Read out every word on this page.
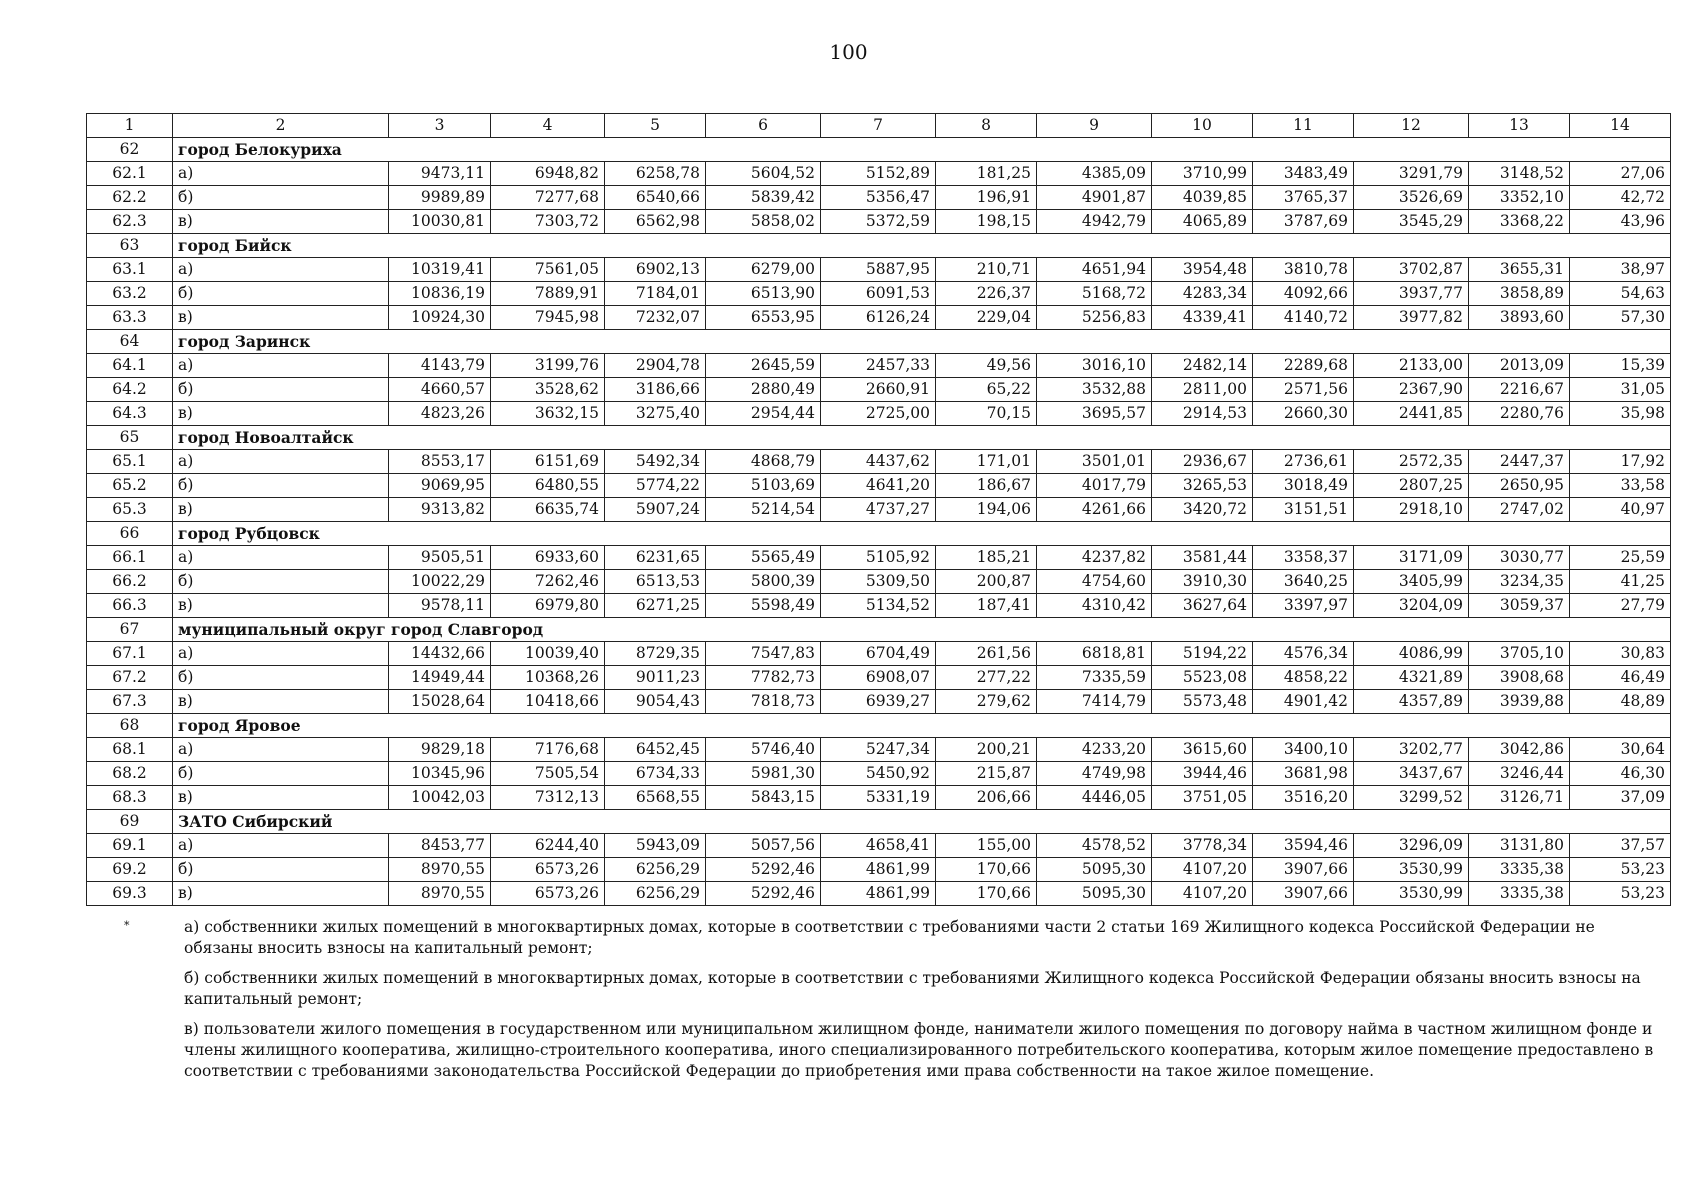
100
1	2	3	4	5	6	7	8	9	10	11	12	13	14
62	город Белокуриха												
62.1	а)	9473,11	6948,82	6258,78	5604,52	5152,89	181,25	4385,09	3710,99	3483,49	3291,79	3148,52	27,06
62.2	б)	9989,89	7277,68	6540,66	5839,42	5356,47	196,91	4901,87	4039,85	3765,37	3526,69	3352,10	42,72
62.3	в)	10030,81	7303,72	6562,98	5858,02	5372,59	198,15	4942,79	4065,89	3787,69	3545,29	3368,22	43,96
63	город Бийск												
63.1	а)	10319,41	7561,05	6902,13	6279,00	5887,95	210,71	4651,94	3954,48	3810,78	3702,87	3655,31	38,97
63.2	б)	10836,19	7889,91	7184,01	6513,90	6091,53	226,37	5168,72	4283,34	4092,66	3937,77	3858,89	54,63
63.3	в)	10924,30	7945,98	7232,07	6553,95	6126,24	229,04	5256,83	4339,41	4140,72	3977,82	3893,60	57,30
64	город Заринск												
64.1	а)	4143,79	3199,76	2904,78	2645,59	2457,33	49,56	3016,10	2482,14	2289,68	2133,00	2013,09	15,39
64.2	б)	4660,57	3528,62	3186,66	2880,49	2660,91	65,22	3532,88	2811,00	2571,56	2367,90	2216,67	31,05
64.3	в)	4823,26	3632,15	3275,40	2954,44	2725,00	70,15	3695,57	2914,53	2660,30	2441,85	2280,76	35,98
65	город Новоалтайск												
65.1	а)	8553,17	6151,69	5492,34	4868,79	4437,62	171,01	3501,01	2936,67	2736,61	2572,35	2447,37	17,92
65.2	б)	9069,95	6480,55	5774,22	5103,69	4641,20	186,67	4017,79	3265,53	3018,49	2807,25	2650,95	33,58
65.3	в)	9313,82	6635,74	5907,24	5214,54	4737,27	194,06	4261,66	3420,72	3151,51	2918,10	2747,02	40,97
66	город Рубцовск												
66.1	а)	9505,51	6933,60	6231,65	5565,49	5105,92	185,21	4237,82	3581,44	3358,37	3171,09	3030,77	25,59
66.2	б)	10022,29	7262,46	6513,53	5800,39	5309,50	200,87	4754,60	3910,30	3640,25	3405,99	3234,35	41,25
66.3	в)	9578,11	6979,80	6271,25	5598,49	5134,52	187,41	4310,42	3627,64	3397,97	3204,09	3059,37	27,79
67	муниципальный округ город Славгород												
67.1	а)	14432,66	10039,40	8729,35	7547,83	6704,49	261,56	6818,81	5194,22	4576,34	4086,99	3705,10	30,83
67.2	б)	14949,44	10368,26	9011,23	7782,73	6908,07	277,22	7335,59	5523,08	4858,22	4321,89	3908,68	46,49
67.3	в)	15028,64	10418,66	9054,43	7818,73	6939,27	279,62	7414,79	5573,48	4901,42	4357,89	3939,88	48,89
68	город Яровое												
68.1	а)	9829,18	7176,68	6452,45	5746,40	5247,34	200,21	4233,20	3615,60	3400,10	3202,77	3042,86	30,64
68.2	б)	10345,96	7505,54	6734,33	5981,30	5450,92	215,87	4749,98	3944,46	3681,98	3437,67	3246,44	46,30
68.3	в)	10042,03	7312,13	6568,55	5843,15	5331,19	206,66	4446,05	3751,05	3516,20	3299,52	3126,71	37,09
69	ЗАТО Сибирский												
69.1	а)	8453,77	6244,40	5943,09	5057,56	4658,41	155,00	4578,52	3778,34	3594,46	3296,09	3131,80	37,57
69.2	б)	8970,55	6573,26	6256,29	5292,46	4861,99	170,66	5095,30	4107,20	3907,66	3530,99	3335,38	53,23
69.3	в)	8970,55	6573,26	6256,29	5292,46	4861,99	170,66	5095,30	4107,20	3907,66	3530,99	3335,38	53,23
*	а) собственники жилых помещений в многоквартирных домах, которые в соответствии с требованиями части 2 статьи 169 Жилищного кодекса Российской Федерации не обязаны вносить взносы на капитальный ремонт;
б) собственники жилых помещений в многоквартирных домах, которые в соответствии с требованиями Жилищного кодекса Российской Федерации обязаны вносить взносы на капитальный ремонт;
в) пользователи жилого помещения в государственном или муниципальном жилищном фонде, наниматели жилого помещения по договору найма в частном жилищном фонде и члены жилищного кооператива, жилищно-строительного кооператива, иного специализированного потребительского кооператива, которым жилое помещение предоставлено в соответствии с требованиями законодательства Российской Федерации до приобретения ими права собственности на такое жилое помещение.
